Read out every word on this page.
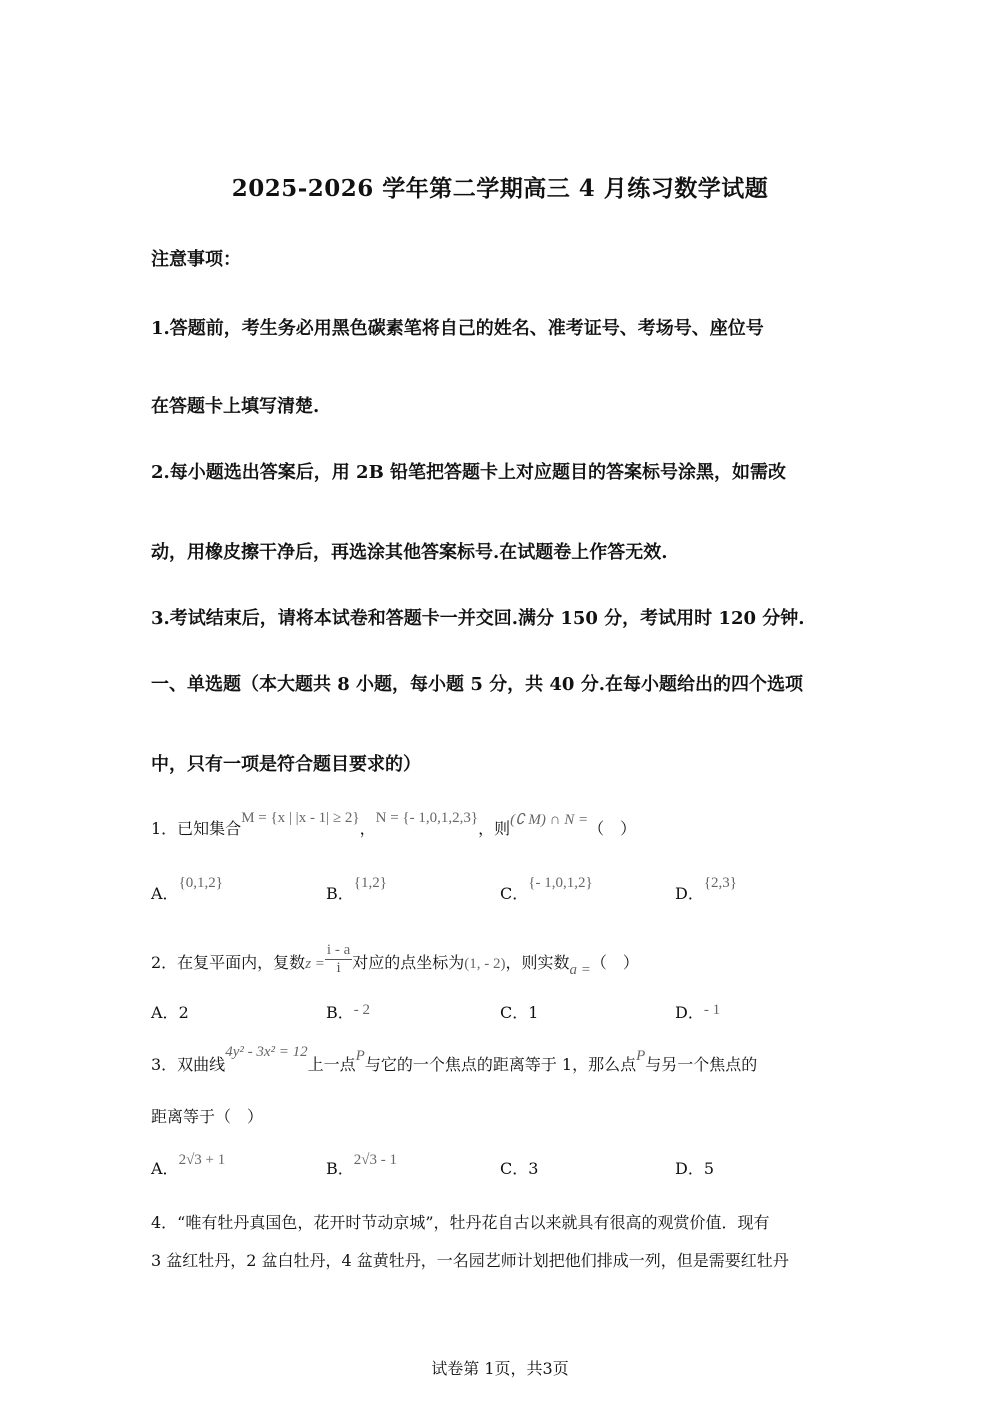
2025-2026 学年第二学期高三 4 月练习数学试题
注意事项：
1.答题前，考生务必用黑色碳素笔将自己的姓名、准考证号、考场号、座位号
在答题卡上填写清楚.
2.每小题选出答案后，用 2B 铅笔把答题卡上对应题目的答案标号涂黑，如需改
动，用橡皮擦干净后，再选涂其他答案标号.在试题卷上作答无效.
3.考试结束后，请将本试卷和答题卡一并交回.满分 150 分，考试用时 120 分钟.
一、单选题（本大题共 8 小题，每小题 5 分，共 40 分.在每小题给出的四个选项
中，只有一项是符合题目要求的）
1．已知集合M = {x | |x - 1| ≥ 2}，N = {- 1,0,1,2,3}，则(∁ M) ∩ N =（　）
A．{0,1,2}
B．{1,2}
C．{- 1,0,1,2}
D．{2,3}
2．在复平面内，复数$z = \frac{i - a}{i}$ 对应的点坐标为(1, - 2)，则实数a =（　）
A．2	B．- 2	C．1	D．- 1
3．双曲线4y² - 3x² = 12上一点P与它的一个焦点的距离等于 1，那么点P与另一个焦点的
距离等于（　）
A．2√3 + 1	B．2√3 - 1	C．3	D．5
4．“唯有牡丹真国色，花开时节动京城”，牡丹花自古以来就具有很高的观赏价值．现有
3 盆红牡丹，2 盆白牡丹，4 盆黄牡丹，一名园艺师计划把他们排成一列，但是需要红牡丹
试卷第 1页，共3页
